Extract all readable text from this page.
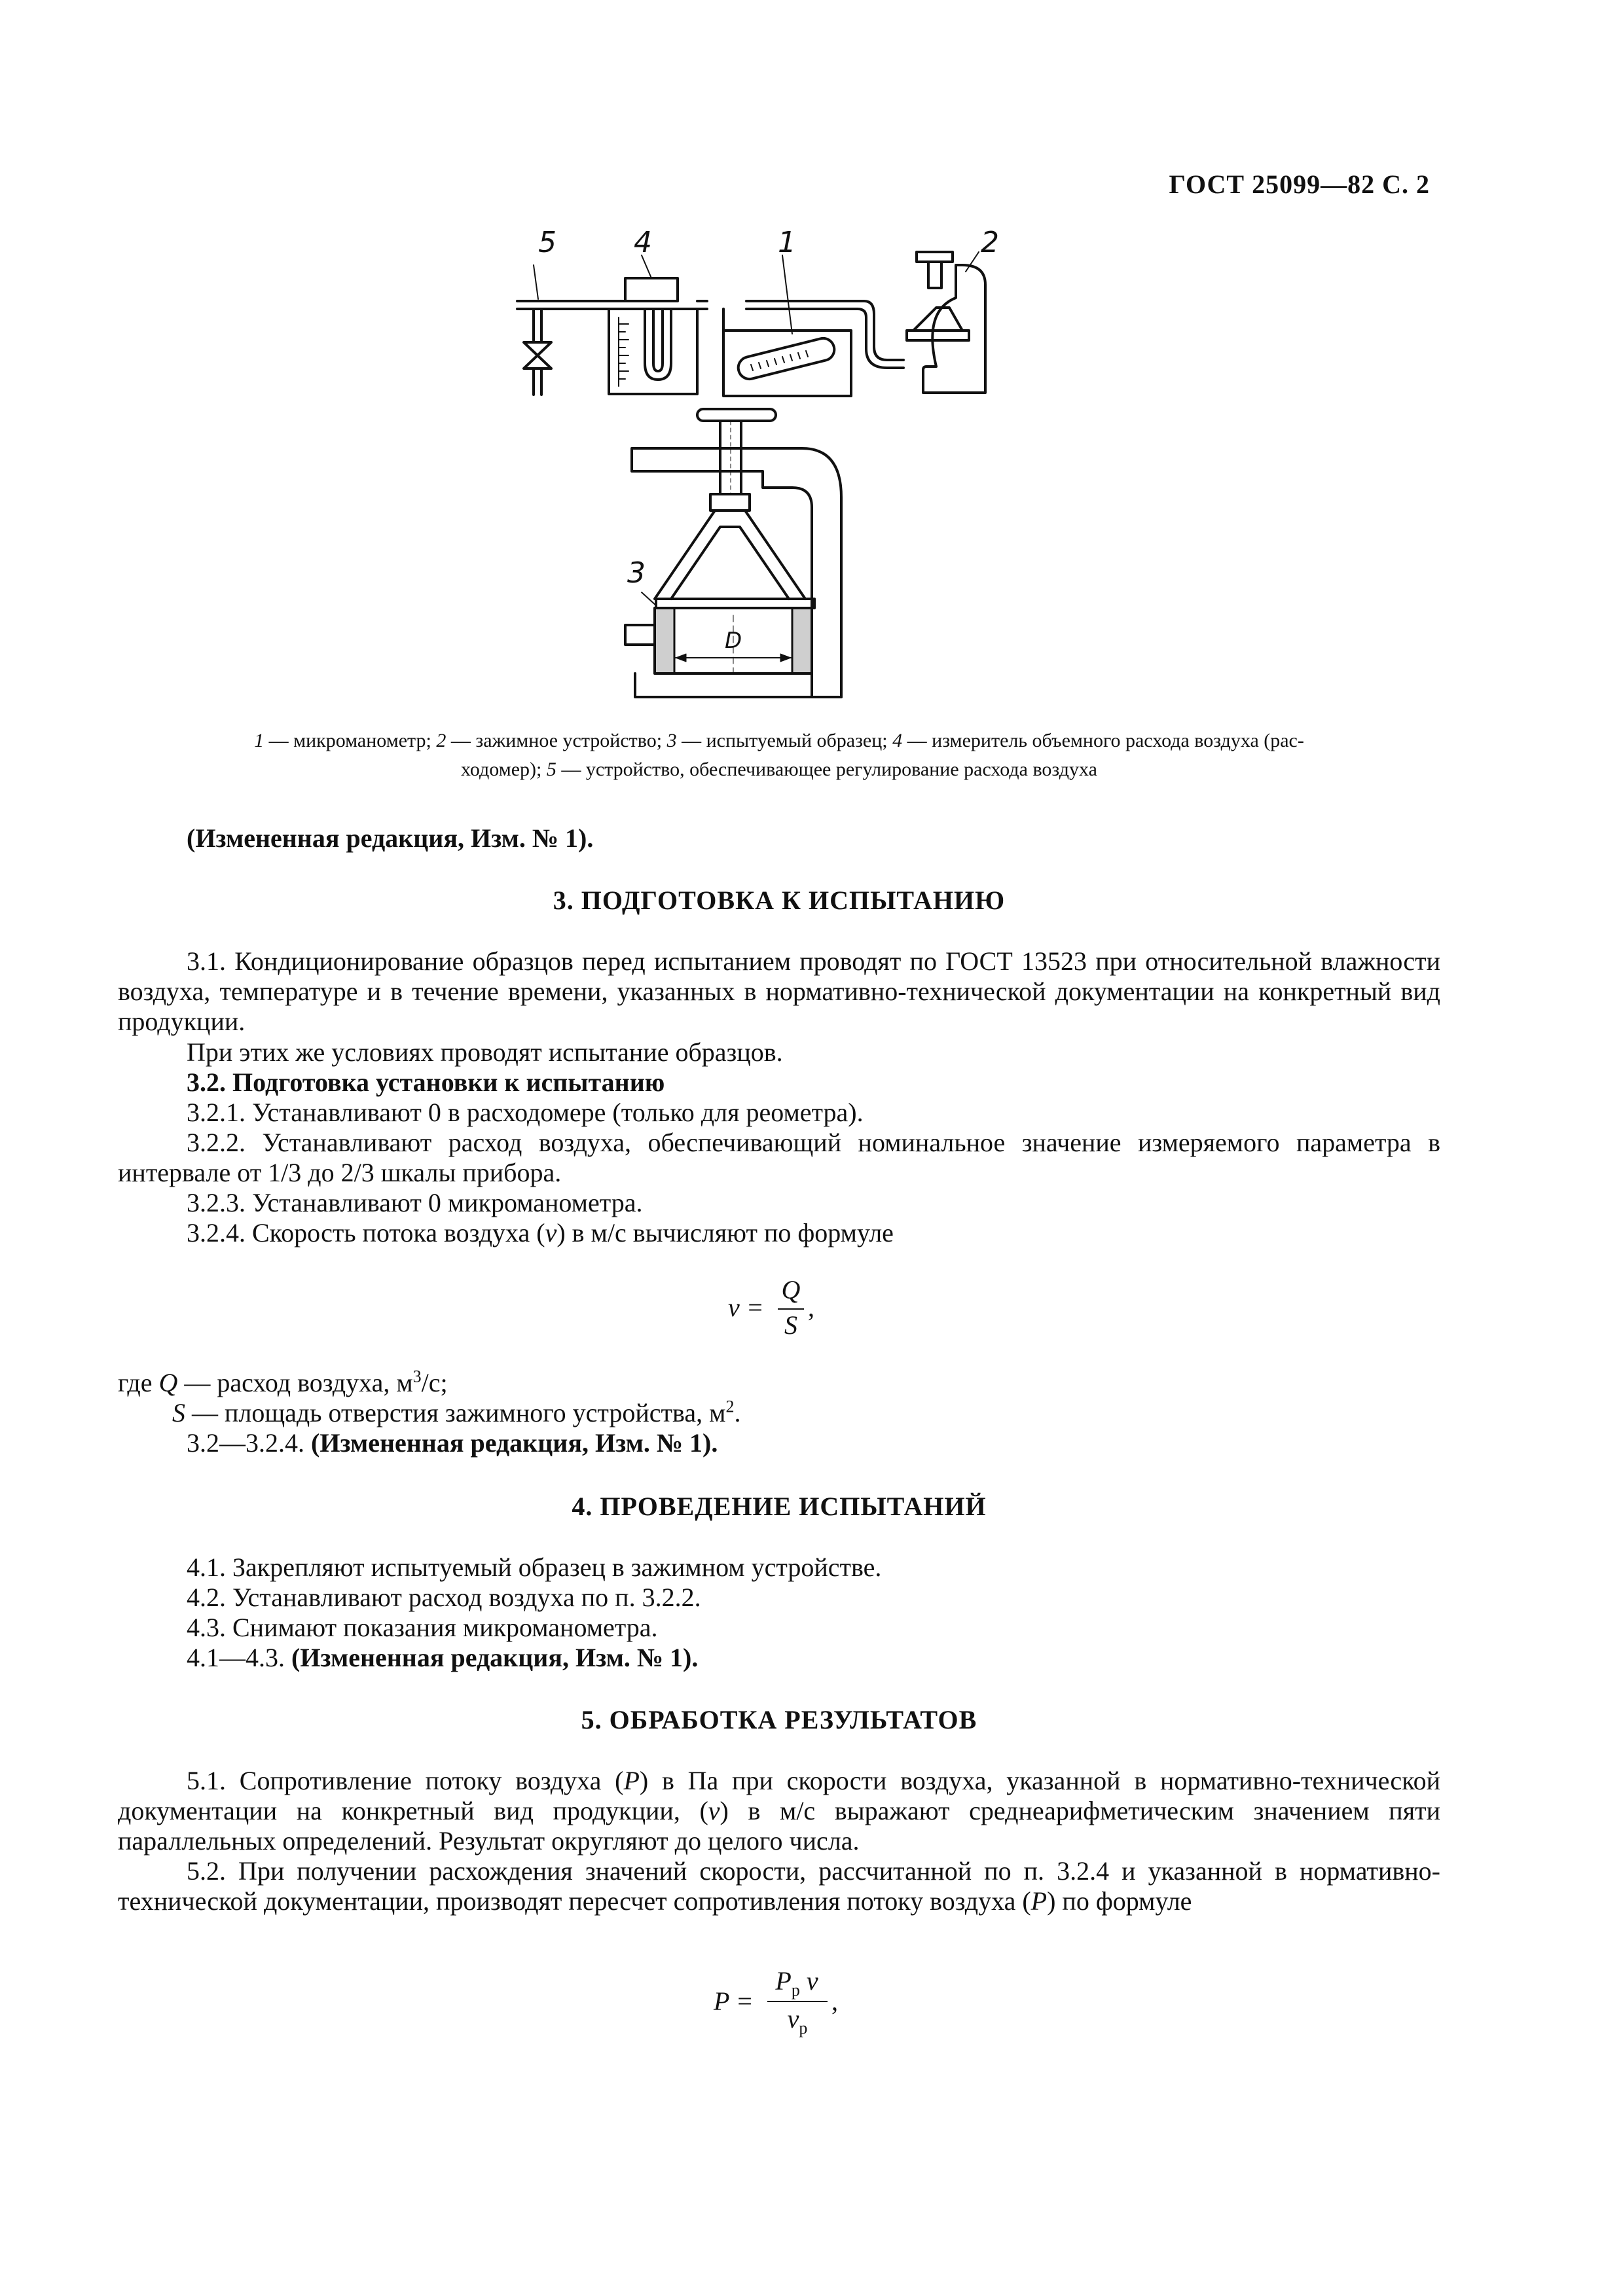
ГОСТ 25099—82 С. 2
5	4	1	2
3
D
1 — микроманометр; 2 — зажимное устройство; 3 — испытуемый образец; 4 — измеритель объемного расхода воздуха (рас-
ходомер); 5 — устройство, обеспечивающее регулирование расхода воздуха
(Измененная редакция, Изм. № 1).
3. ПОДГОТОВКА К ИСПЫТАНИЮ
3.1. Кондиционирование образцов перед испытанием проводят по ГОСТ 13523 при относительной влажности воздуха, температуре и в течение времени, указанных в нормативно-технической документации на конкретный вид продукции.
При этих же условиях проводят испытание образцов.
3.2. Подготовка установки к испытанию
3.2.1. Устанавливают 0 в расходомере (только для реометра).
3.2.2. Устанавливают расход воздуха, обеспечивающий номинальное значение измеряемого параметра в интервале от 1/3 до 2/3 шкалы прибора.
3.2.3. Устанавливают 0 микроманометра.
3.2.4. Скорость потока воздуха (v) в м/с вычисляют по формуле
v =
Q
S
,
где Q — расход воздуха, $м^3/с$;
S — площадь отверстия зажимного устройства, $м^2$.
3.2—3.2.4. (Измененная редакция, Изм. № 1).
4. ПРОВЕДЕНИЕ ИСПЫТАНИЙ
4.1. Закрепляют испытуемый образец в зажимном устройстве.
4.2. Устанавливают расход воздуха по п. 3.2.2.
4.3. Снимают показания микроманометра.
4.1—4.3. (Измененная редакция, Изм. № 1).
5. ОБРАБОТКА РЕЗУЛЬТАТОВ
5.1. Сопротивление потоку воздуха (P) в Па при скорости воздуха, указанной в нормативно-технической документации на конкретный вид продукции, (v) в м/с выражают среднеарифметическим значением пяти параллельных определений. Результат округляют до целого числа.
5.2. При получении расхождения значений скорости, рассчитанной по п. 3.2.4 и указанной в нормативно-технической документации, производят пересчет сопротивления потоку воздуха (P) по формуле
P =
$P_р$ v
$v_р$
,
